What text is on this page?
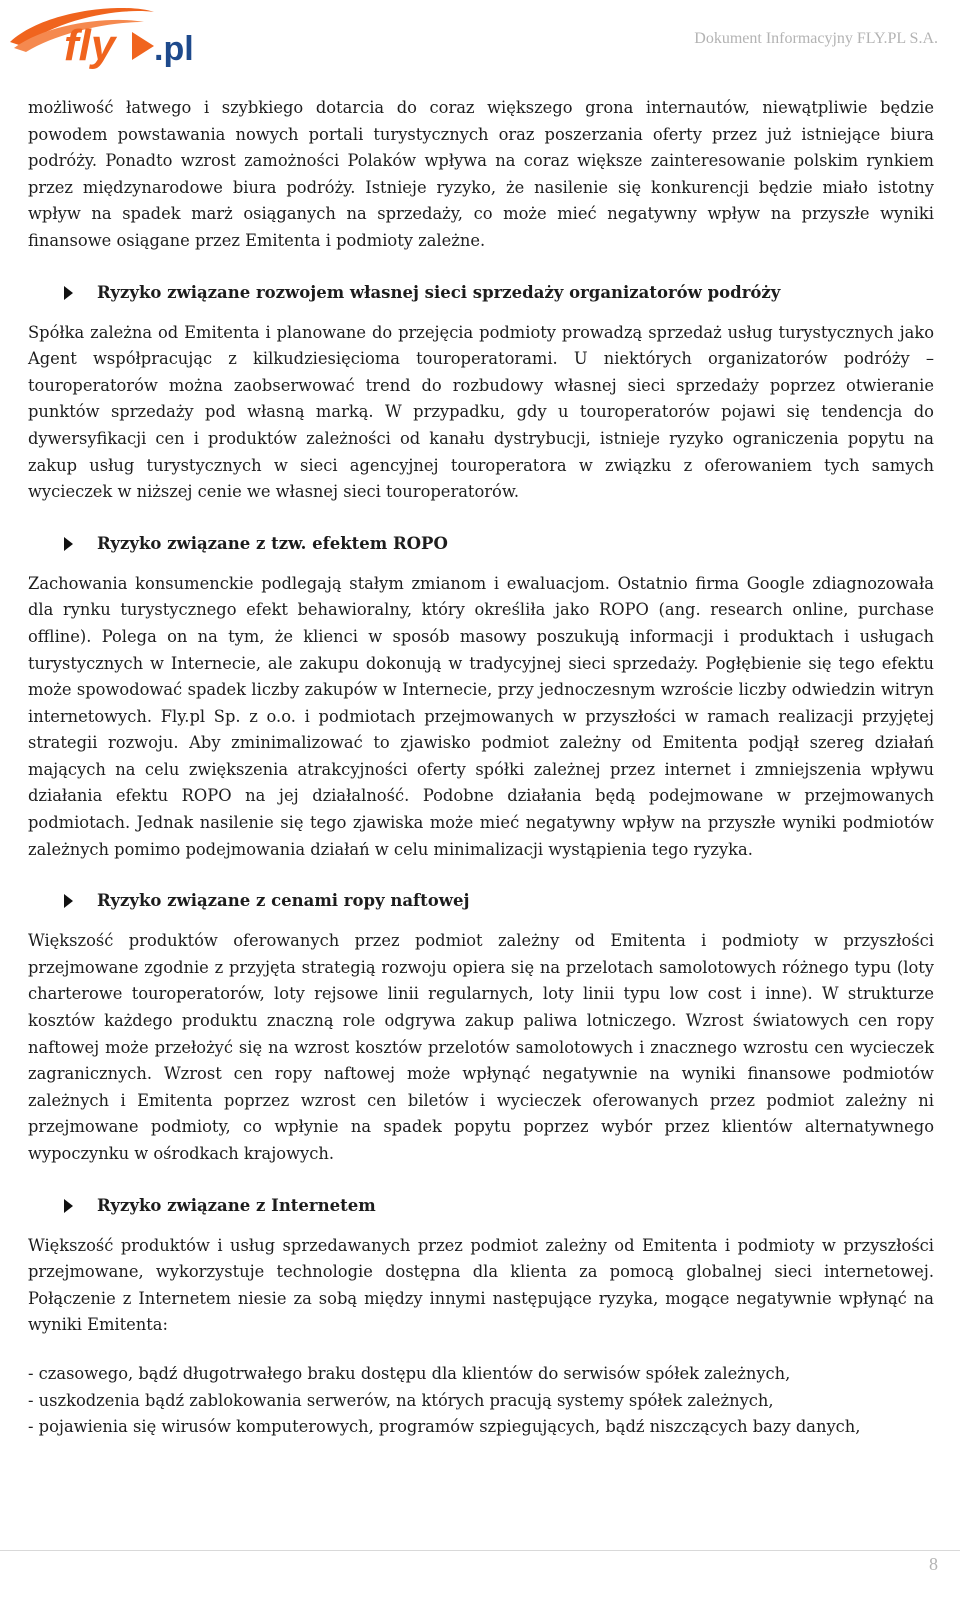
fly .pl	Dokument Informacyjny FLY.PL S.A.

możliwość łatwego i szybkiego dotarcia do coraz większego grona internautów, niewątpliwie będzie powodem powstawania nowych portali turystycznych oraz poszerzania oferty przez już istniejące biura podróży. Ponadto wzrost zamożności Polaków wpływa na coraz większe zainteresowanie polskim rynkiem przez międzynarodowe biura podróży. Istnieje ryzyko, że nasilenie się konkurencji będzie miało istotny wpływ na spadek marż osiąganych na sprzedaży, co może mieć negatywny wpływ na przyszłe wyniki finansowe osiągane przez Emitenta i podmioty zależne.

Ryzyko związane rozwojem własnej sieci sprzedaży organizatorów podróży

Spółka zależna od Emitenta i planowane do przejęcia podmioty prowadzą sprzedaż usług turystycznych jako Agent współpracując z kilkudziesięcioma touroperatorami. U niektórych organizatorów podróży – touroperatorów można zaobserwować trend do rozbudowy własnej sieci sprzedaży poprzez otwieranie punktów sprzedaży pod własną marką. W przypadku, gdy u touroperatorów pojawi się tendencja do dywersyfikacji cen i produktów zależności od kanału dystrybucji, istnieje ryzyko ograniczenia popytu na zakup usług turystycznych w sieci agencyjnej touroperatora w związku z oferowaniem tych samych wycieczek w niższej cenie we własnej sieci touroperatorów.

Ryzyko związane z tzw. efektem ROPO

Zachowania konsumenckie podlegają stałym zmianom i ewaluacjom. Ostatnio firma Google zdiagnozowała dla rynku turystycznego efekt behawioralny, który określiła jako ROPO (ang. research online, purchase offline). Polega on na tym, że klienci w sposób masowy poszukują informacji i produktach i usługach turystycznych w Internecie, ale zakupu dokonują w tradycyjnej sieci sprzedaży. Pogłębienie się tego efektu może spowodować spadek liczby zakupów w Internecie, przy jednoczesnym wzroście liczby odwiedzin witryn internetowych. Fly.pl Sp. z o.o. i podmiotach przejmowanych w przyszłości w ramach realizacji przyjętej strategii rozwoju. Aby zminimalizować to zjawisko podmiot zależny od Emitenta podjął szereg działań mających na celu zwiększenia atrakcyjności oferty spółki zależnej przez internet i zmniejszenia wpływu działania efektu ROPO na jej działalność. Podobne działania będą podejmowane w przejmowanych podmiotach. Jednak nasilenie się tego zjawiska może mieć negatywny wpływ na przyszłe wyniki podmiotów zależnych pomimo podejmowania działań w celu minimalizacji wystąpienia tego ryzyka.

Ryzyko związane z cenami ropy naftowej

Większość produktów oferowanych przez podmiot zależny od Emitenta i podmioty w przyszłości przejmowane zgodnie z przyjęta strategią rozwoju opiera się na przelotach samolotowych różnego typu (loty charterowe touroperatorów, loty rejsowe linii regularnych, loty linii typu low cost i inne). W strukturze kosztów każdego produktu znaczną role odgrywa zakup paliwa lotniczego. Wzrost światowych cen ropy naftowej może przełożyć się na wzrost kosztów przelotów samolotowych i znacznego wzrostu cen wycieczek zagranicznych. Wzrost cen ropy naftowej może wpłynąć negatywnie na wyniki finansowe podmiotów zależnych i Emitenta poprzez wzrost cen biletów i wycieczek oferowanych przez podmiot zależny ni przejmowane podmioty, co wpłynie na spadek popytu poprzez wybór przez klientów alternatywnego wypoczynku w ośrodkach krajowych.

Ryzyko związane z Internetem

Większość produktów i usług sprzedawanych przez podmiot zależny od Emitenta i podmioty w przyszłości przejmowane, wykorzystuje technologie dostępna dla klienta za pomocą globalnej sieci internetowej. Połączenie z Internetem niesie za sobą między innymi następujące ryzyka, mogące negatywnie wpłynąć na wyniki Emitenta:

- czasowego, bądź długotrwałego braku dostępu dla klientów do serwisów spółek zależnych,

- uszkodzenia bądź zablokowania serwerów, na których pracują systemy spółek zależnych,

- pojawienia się wirusów komputerowych, programów szpiegujących, bądź niszczących bazy danych,

8
